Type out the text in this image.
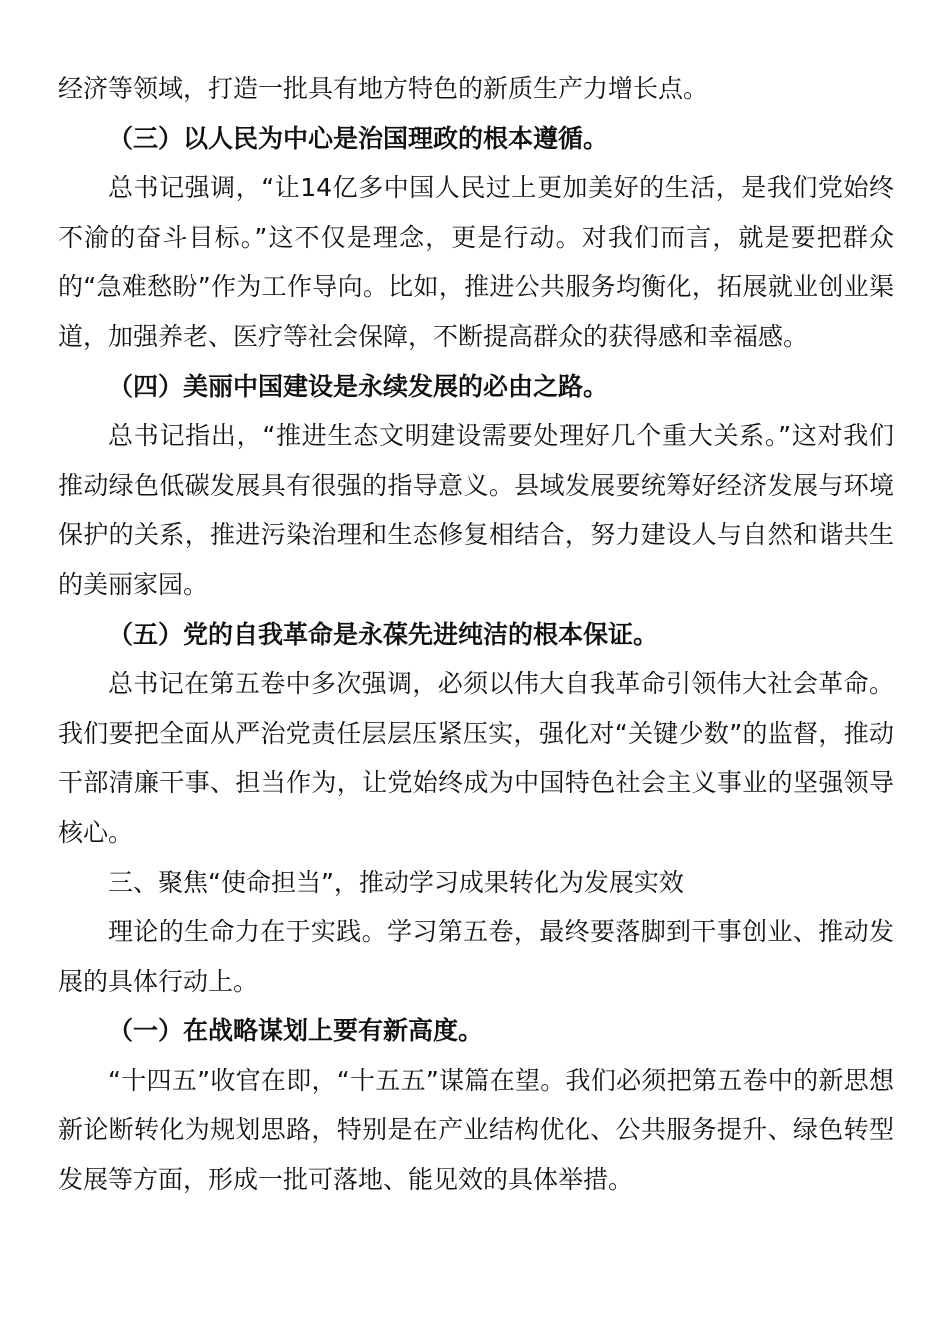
经济等领域，打造一批具有地方特色的新质生产力增长点。

（三）以人民为中心是治国理政的根本遵循。

总书记强调，“让14亿多中国人民过上更加美好的生活，是我们党始终不渝的奋斗目标。”这不仅是理念，更是行动。对我们而言，就是要把群众的“急难愁盼”作为工作导向。比如，推进公共服务均衡化，拓展就业创业渠道，加强养老、医疗等社会保障，不断提高群众的获得感和幸福感。

（四）美丽中国建设是永续发展的必由之路。

总书记指出，“推进生态文明建设需要处理好几个重大关系。”这对我们推动绿色低碳发展具有很强的指导意义。县域发展要统筹好经济发展与环境保护的关系，推进污染治理和生态修复相结合，努力建设人与自然和谐共生的美丽家园。

（五）党的自我革命是永葆先进纯洁的根本保证。

总书记在第五卷中多次强调，必须以伟大自我革命引领伟大社会革命。我们要把全面从严治党责任层层压紧压实，强化对“关键少数”的监督，推动干部清廉干事、担当作为，让党始终成为中国特色社会主义事业的坚强领导核心。

三、聚焦“使命担当”，推动学习成果转化为发展实效

理论的生命力在于实践。学习第五卷，最终要落脚到干事创业、推动发展的具体行动上。

（一）在战略谋划上要有新高度。

“十四五”收官在即，“十五五”谋篇在望。我们必须把第五卷中的新思想新论断转化为规划思路，特别是在产业结构优化、公共服务提升、绿色转型发展等方面，形成一批可落地、能见效的具体举措。
